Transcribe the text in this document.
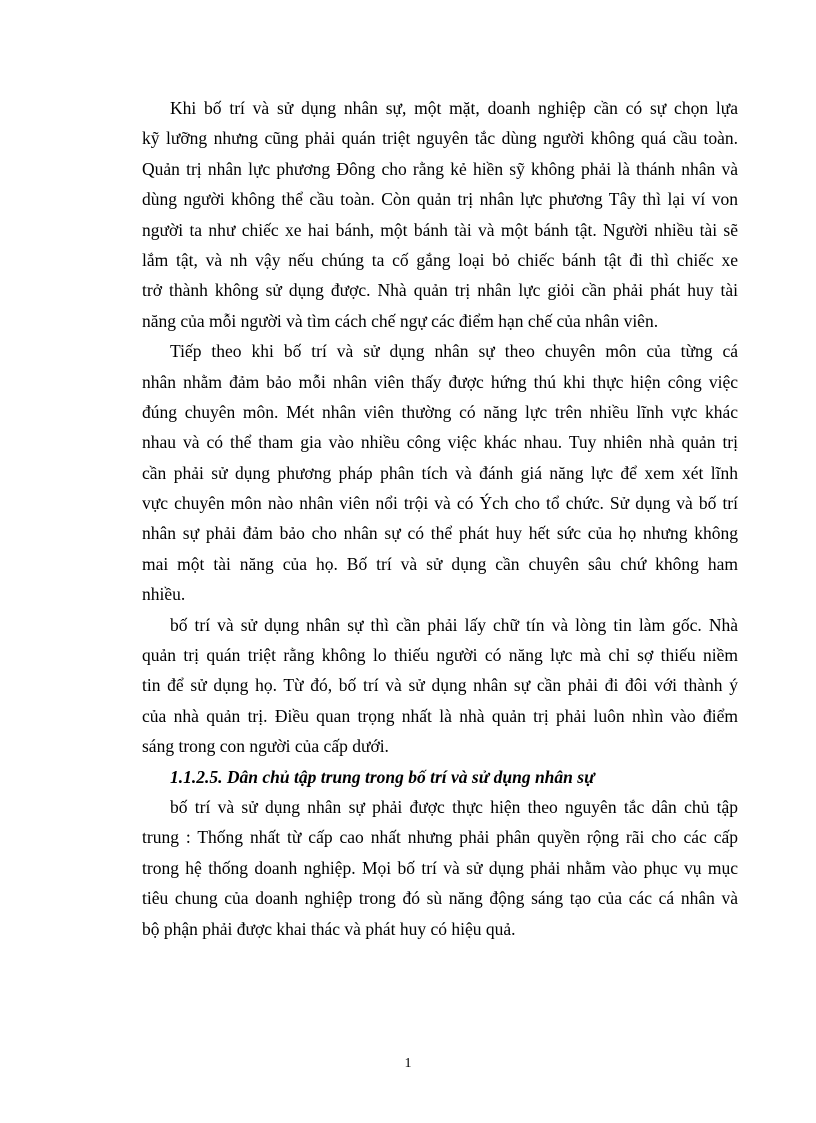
Khi bố trí và sử dụng nhân sự, một mặt, doanh nghiệp cần có sự chọn lựa
kỹ lưỡng nhưng cũng phải quán triệt nguyên tắc dùng người không quá cầu toàn.
Quản trị nhân lực phương Đông cho rằng kẻ hiền sỹ không phải là thánh nhân và
dùng người không thể cầu toàn. Còn quản trị nhân lực phương Tây thì lại ví von
người ta như chiếc xe hai bánh, một bánh tài và một bánh tật. Người nhiều tài sẽ
lắm tật, và nh vậy nếu chúng ta cố gắng loại bỏ chiếc bánh tật đi thì chiếc xe
trở thành không sử dụng được. Nhà quản trị nhân lực giỏi cần phải phát huy tài
năng của mỗi người và tìm cách chế ngự các điểm hạn chế của nhân viên.
Tiếp theo khi bố trí và sử dụng nhân sự theo chuyên môn của từng cá
nhân nhằm đảm bảo mỗi nhân viên thấy được hứng thú khi thực hiện công việc
đúng chuyên môn. Mét nhân viên thường có năng lực trên nhiều lĩnh vực khác
nhau và có thể tham gia vào nhiều công việc khác nhau. Tuy nhiên nhà quản trị
cần phải sử dụng phương pháp phân tích và đánh giá năng lực để xem xét lĩnh
vực chuyên môn nào nhân viên nổi trội và có Ých cho tổ chức. Sử dụng và bố trí
nhân sự phải đảm bảo cho nhân sự có thể phát huy hết sức của họ nhưng không
mai một tài năng của họ. Bố trí và sử dụng cần chuyên sâu chứ không ham
nhiều.
bố trí và sử dụng nhân sự thì cần phải lấy chữ tín và lòng tin làm gốc. Nhà
quản trị quán triệt rằng không lo thiếu người có năng lực mà chỉ sợ thiếu niềm
tin để sử dụng họ. Từ đó, bố trí và sử dụng nhân sự cần phải đi đôi với thành ý
của nhà quản trị. Điều quan trọng nhất là nhà quản trị phải luôn nhìn vào điểm
sáng trong con người của cấp dưới.
1.1.2.5. Dân chủ tập trung trong bố trí và sử dụng nhân sự
bố trí và sử dụng nhân sự phải được thực hiện theo nguyên tắc dân chủ tập
trung : Thống nhất từ cấp cao nhất nhưng phải phân quyền rộng rãi cho các cấp
trong hệ thống doanh nghiệp. Mọi bố trí và sử dụng phải nhằm vào phục vụ mục
tiêu chung của doanh nghiệp trong đó sù năng động sáng tạo của các cá nhân và
bộ phận phải được khai thác và phát huy có hiệu quả.
1
